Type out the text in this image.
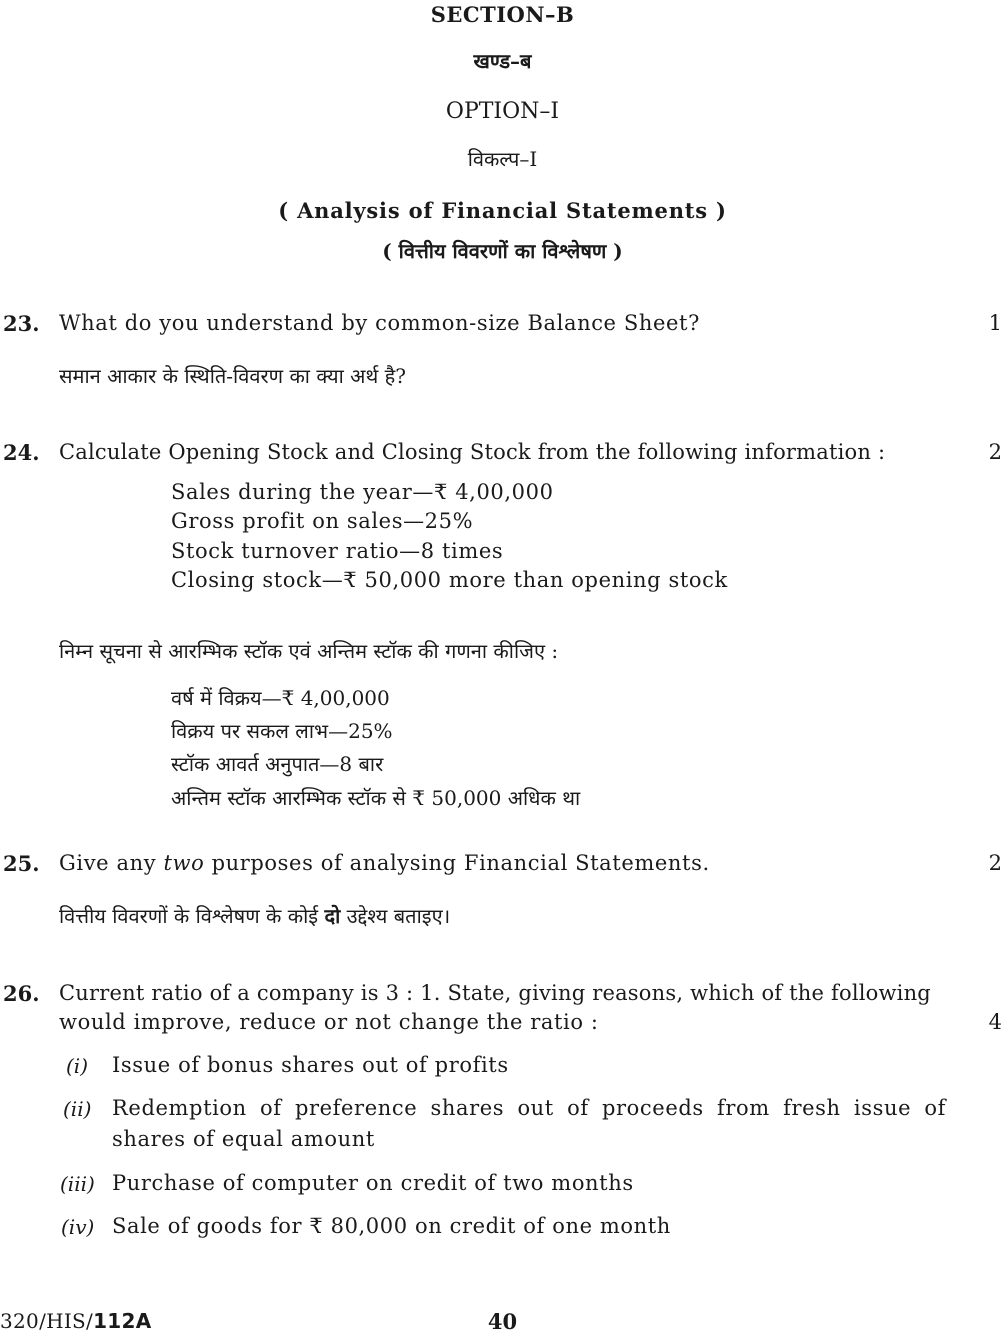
SECTION–B
खण्ड–ब
OPTION–I
विकल्प–I
( Analysis of Financial Statements )
( वित्तीय विवरणों का विश्लेषण )
23. What do you understand by common-size Balance Sheet?	1
समान आकार के स्थिति-विवरण का क्या अर्थ है?
24. Calculate Opening Stock and Closing Stock from the following information :	2
Sales during the year—₹ 4,00,000
Gross profit on sales—25%
Stock turnover ratio—8 times
Closing stock—₹ 50,000 more than opening stock
निम्न सूचना से आरम्भिक स्टॉक एवं अन्तिम स्टॉक की गणना कीजिए :
वर्ष में विक्रय—₹ 4,00,000
विक्रय पर सकल लाभ—25%
स्टॉक आवर्त अनुपात—8 बार
अन्तिम स्टॉक आरम्भिक स्टॉक से ₹ 50,000 अधिक था
25. Give any two purposes of analysing Financial Statements.	2
वित्तीय विवरणों के विश्लेषण के कोई दो उद्देश्य बताइए।
26. Current ratio of a company is 3 : 1. State, giving reasons, which of the following
would improve, reduce or not change the ratio :	4
(i) Issue of bonus shares out of profits
(ii) Redemption of preference shares out of proceeds from fresh issue of shares of equal amount
(iii) Purchase of computer on credit of two months
(iv) Sale of goods for ₹ 80,000 on credit of one month
320/HIS/112A	40
